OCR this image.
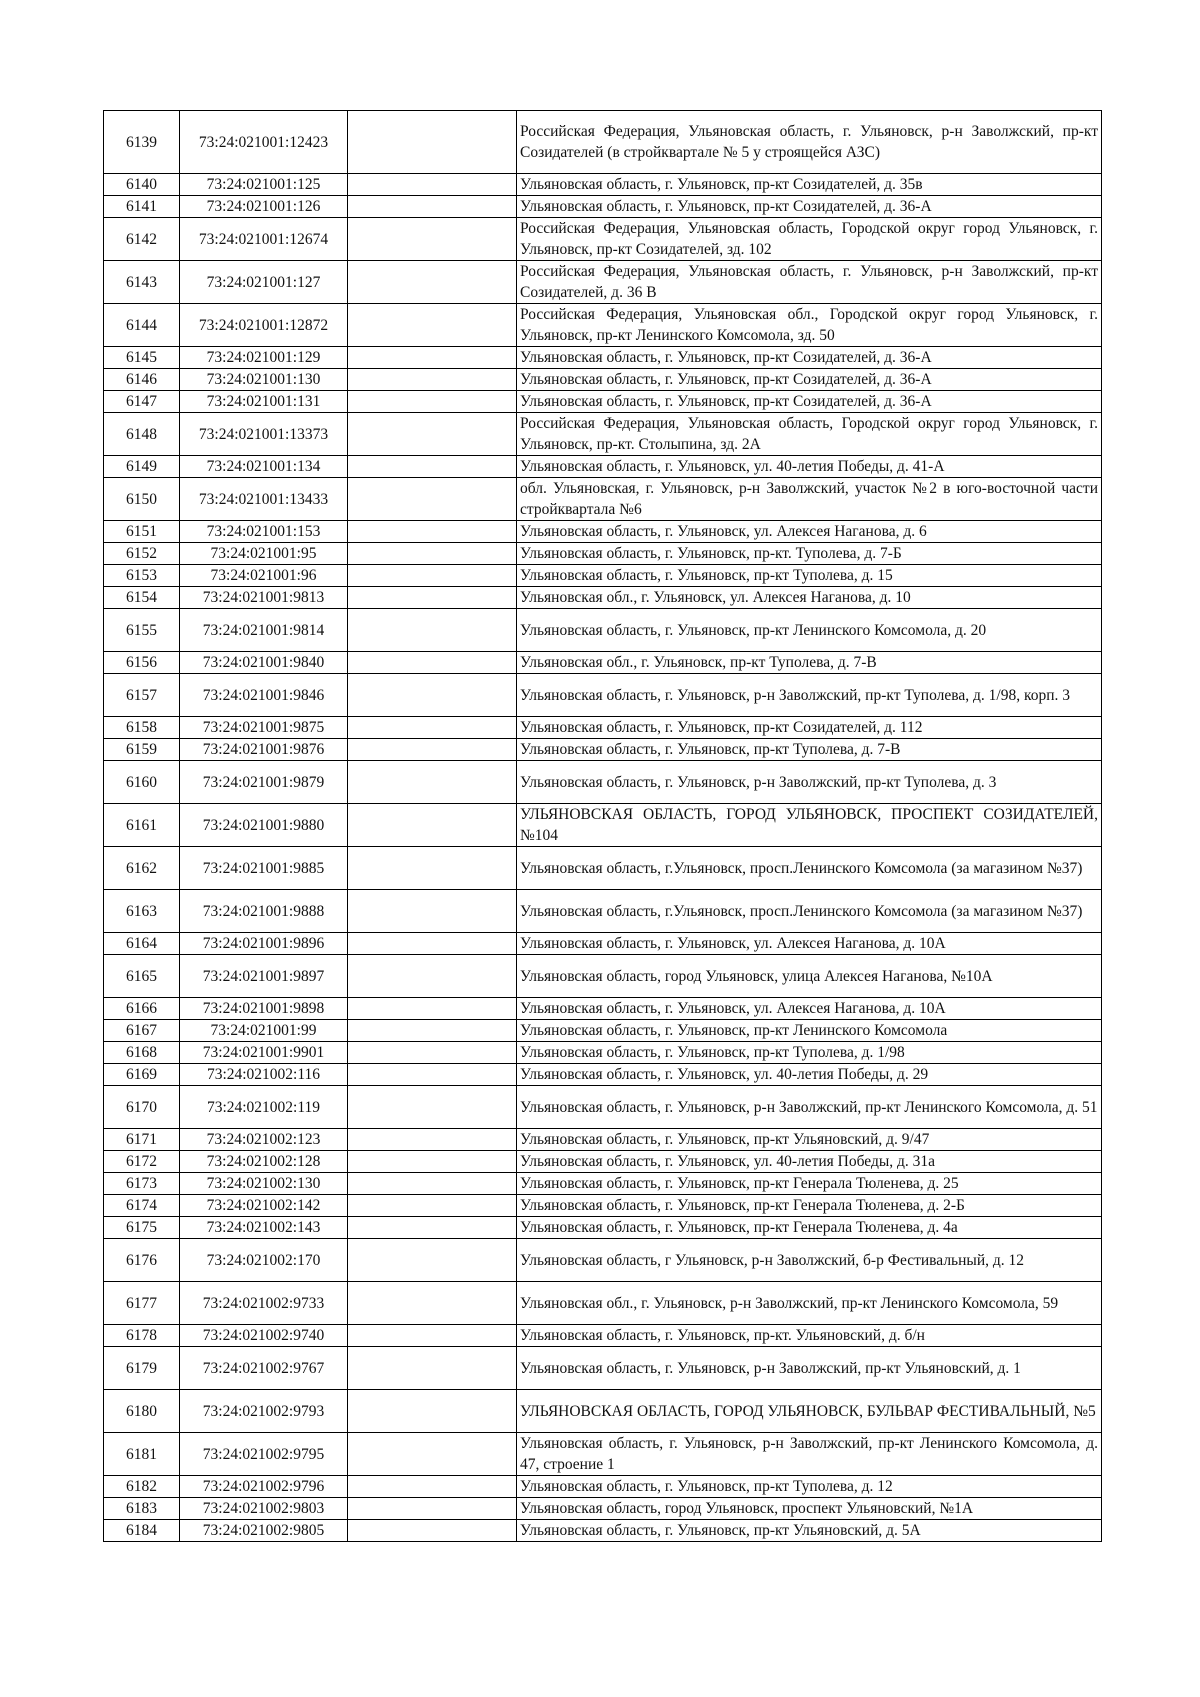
6139	73:24:021001:12423		Российская Федерация, Ульяновская область, г. Ульяновск, р-н Заволжский, пр-кт Созидателей (в стройквартале № 5 у строящейся АЗС)
6140	73:24:021001:125		Ульяновская область, г. Ульяновск, пр-кт Созидателей, д. 35в
6141	73:24:021001:126		Ульяновская область, г. Ульяновск, пр-кт Созидателей, д. 36-А
6142	73:24:021001:12674		Российская Федерация, Ульяновская область, Городской округ город Ульяновск, г. Ульяновск, пр-кт Созидателей, зд. 102
6143	73:24:021001:127		Российская Федерация, Ульяновская область, г. Ульяновск, р-н Заволжский, пр-кт Созидателей, д. 36 В
6144	73:24:021001:12872		Российская Федерация, Ульяновская обл., Городской округ город Ульяновск, г. Ульяновск, пр-кт Ленинского Комсомола, зд. 50
6145	73:24:021001:129		Ульяновская область, г. Ульяновск, пр-кт Созидателей, д. 36-А
6146	73:24:021001:130		Ульяновская область, г. Ульяновск, пр-кт Созидателей, д. 36-А
6147	73:24:021001:131		Ульяновская область, г. Ульяновск, пр-кт Созидателей, д. 36-А
6148	73:24:021001:13373		Российская Федерация, Ульяновская область, Городской округ город Ульяновск, г. Ульяновск, пр-кт. Столыпина, зд. 2А
6149	73:24:021001:134		Ульяновская область, г. Ульяновск, ул. 40-летия Победы, д. 41-А
6150	73:24:021001:13433		обл. Ульяновская, г. Ульяновск, р-н Заволжский, участок №2 в юго-восточной части стройквартала №6
6151	73:24:021001:153		Ульяновская область, г. Ульяновск, ул. Алексея Наганова, д. 6
6152	73:24:021001:95		Ульяновская область, г. Ульяновск, пр-кт. Туполева, д. 7-Б
6153	73:24:021001:96		Ульяновская область, г. Ульяновск, пр-кт Туполева, д. 15
6154	73:24:021001:9813		Ульяновская обл., г. Ульяновск, ул. Алексея Наганова, д. 10
6155	73:24:021001:9814		Ульяновская область, г. Ульяновск, пр-кт Ленинского Комсомола, д. 20
6156	73:24:021001:9840		Ульяновская обл., г. Ульяновск, пр-кт Туполева, д. 7-В
6157	73:24:021001:9846		Ульяновская область, г. Ульяновск, р-н Заволжский, пр-кт Туполева, д. 1/98, корп. 3
6158	73:24:021001:9875		Ульяновская область, г. Ульяновск, пр-кт Созидателей, д. 112
6159	73:24:021001:9876		Ульяновская область, г. Ульяновск, пр-кт Туполева, д. 7-В
6160	73:24:021001:9879		Ульяновская область, г. Ульяновск, р-н Заволжский, пр-кт Туполева, д. 3
6161	73:24:021001:9880		УЛЬЯНОВСКАЯ ОБЛАСТЬ, ГОРОД УЛЬЯНОВСК, ПРОСПЕКТ СОЗИДАТЕЛЕЙ, №104
6162	73:24:021001:9885		Ульяновская область, г.Ульяновск, просп.Ленинского Комсомола (за магазином №37)
6163	73:24:021001:9888		Ульяновская область, г.Ульяновск, просп.Ленинского Комсомола (за магазином №37)
6164	73:24:021001:9896		Ульяновская область, г. Ульяновск, ул. Алексея Наганова, д. 10А
6165	73:24:021001:9897		Ульяновская область, город Ульяновск, улица Алексея Наганова, №10А
6166	73:24:021001:9898		Ульяновская область, г. Ульяновск, ул. Алексея Наганова, д. 10А
6167	73:24:021001:99		Ульяновская область, г. Ульяновск, пр-кт Ленинского Комсомола
6168	73:24:021001:9901		Ульяновская область, г. Ульяновск, пр-кт Туполева, д. 1/98
6169	73:24:021002:116		Ульяновская область, г. Ульяновск, ул. 40-летия Победы, д. 29
6170	73:24:021002:119		Ульяновская область, г. Ульяновск, р-н Заволжский, пр-кт Ленинского Комсомола, д. 51
6171	73:24:021002:123		Ульяновская область, г. Ульяновск, пр-кт Ульяновский, д. 9/47
6172	73:24:021002:128		Ульяновская область, г. Ульяновск, ул. 40-летия Победы, д. 31а
6173	73:24:021002:130		Ульяновская область, г. Ульяновск, пр-кт Генерала Тюленева, д. 25
6174	73:24:021002:142		Ульяновская область, г. Ульяновск, пр-кт Генерала Тюленева, д. 2-Б
6175	73:24:021002:143		Ульяновская область, г. Ульяновск, пр-кт Генерала Тюленева, д. 4а
6176	73:24:021002:170		Ульяновская область, г Ульяновск, р-н Заволжский, б-р Фестивальный, д. 12
6177	73:24:021002:9733		Ульяновская обл., г. Ульяновск, р-н Заволжский, пр-кт Ленинского Комсомола, 59
6178	73:24:021002:9740		Ульяновская область, г. Ульяновск, пр-кт. Ульяновский, д. б/н
6179	73:24:021002:9767		Ульяновская область, г. Ульяновск, р-н Заволжский, пр-кт Ульяновский, д. 1
6180	73:24:021002:9793		УЛЬЯНОВСКАЯ ОБЛАСТЬ, ГОРОД УЛЬЯНОВСК, БУЛЬВАР ФЕСТИВАЛЬНЫЙ, №5
6181	73:24:021002:9795		Ульяновская область, г. Ульяновск, р-н Заволжский, пр-кт Ленинского Комсомола, д. 47, строение 1
6182	73:24:021002:9796		Ульяновская область, г. Ульяновск, пр-кт Туполева, д. 12
6183	73:24:021002:9803		Ульяновская область, город Ульяновск, проспект Ульяновский, №1А
6184	73:24:021002:9805		Ульяновская область, г. Ульяновск, пр-кт Ульяновский, д. 5А
